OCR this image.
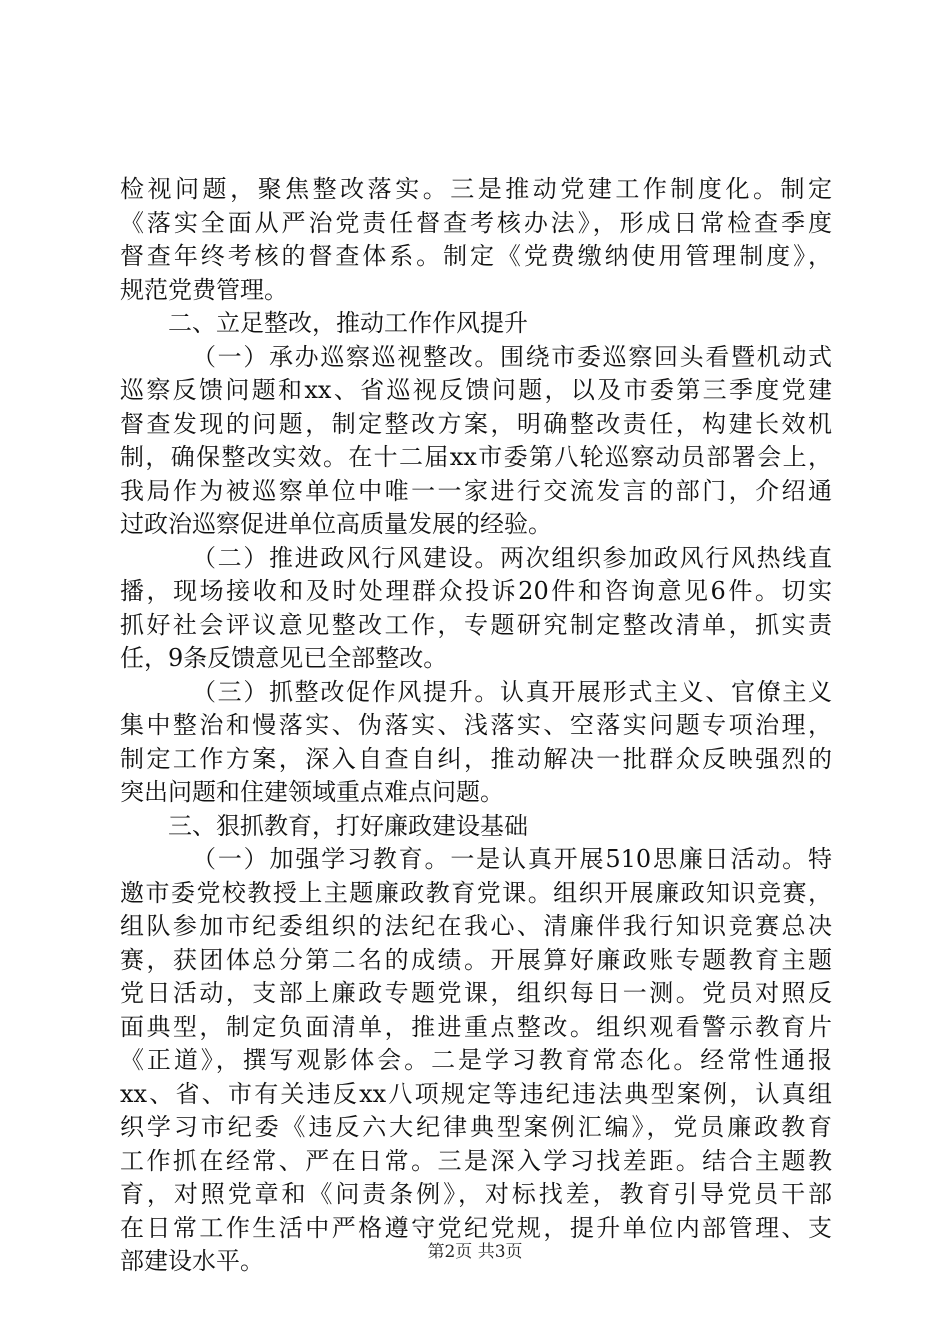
检视问题，聚焦整改落实。三是推动党建工作制度化。制定
《落实全面从严治党责任督查考核办法》，形成日常检查季度
督查年终考核的督查体系。制定《党费缴纳使用管理制度》，
规范党费管理。
二、立足整改，推动工作作风提升
（一）承办巡察巡视整改。围绕市委巡察回头看暨机动式
巡察反馈问题和xx、省巡视反馈问题，以及市委第三季度党建
督查发现的问题，制定整改方案，明确整改责任，构建长效机
制，确保整改实效。在十二届xx市委第八轮巡察动员部署会上，
我局作为被巡察单位中唯一一家进行交流发言的部门，介绍通
过政治巡察促进单位高质量发展的经验。
（二）推进政风行风建设。两次组织参加政风行风热线直
播，现场接收和及时处理群众投诉20件和咨询意见6件。切实
抓好社会评议意见整改工作，专题研究制定整改清单，抓实责
任，9条反馈意见已全部整改。
（三）抓整改促作风提升。认真开展形式主义、官僚主义
集中整治和慢落实、伪落实、浅落实、空落实问题专项治理，
制定工作方案，深入自查自纠，推动解决一批群众反映强烈的
突出问题和住建领域重点难点问题。
三、狠抓教育，打好廉政建设基础
（一）加强学习教育。一是认真开展510思廉日活动。特
邀市委党校教授上主题廉政教育党课。组织开展廉政知识竞赛，
组队参加市纪委组织的法纪在我心、清廉伴我行知识竞赛总决
赛，获团体总分第二名的成绩。开展算好廉政账专题教育主题
党日活动，支部上廉政专题党课，组织每日一测。党员对照反
面典型，制定负面清单，推进重点整改。组织观看警示教育片
《正道》，撰写观影体会。二是学习教育常态化。经常性通报
xx、省、市有关违反xx八项规定等违纪违法典型案例，认真组
织学习市纪委《违反六大纪律典型案例汇编》，党员廉政教育
工作抓在经常、严在日常。三是深入学习找差距。结合主题教
育，对照党章和《问责条例》，对标找差，教育引导党员干部
在日常工作生活中严格遵守党纪党规，提升单位内部管理、支
部建设水平。	第2页 共3页
